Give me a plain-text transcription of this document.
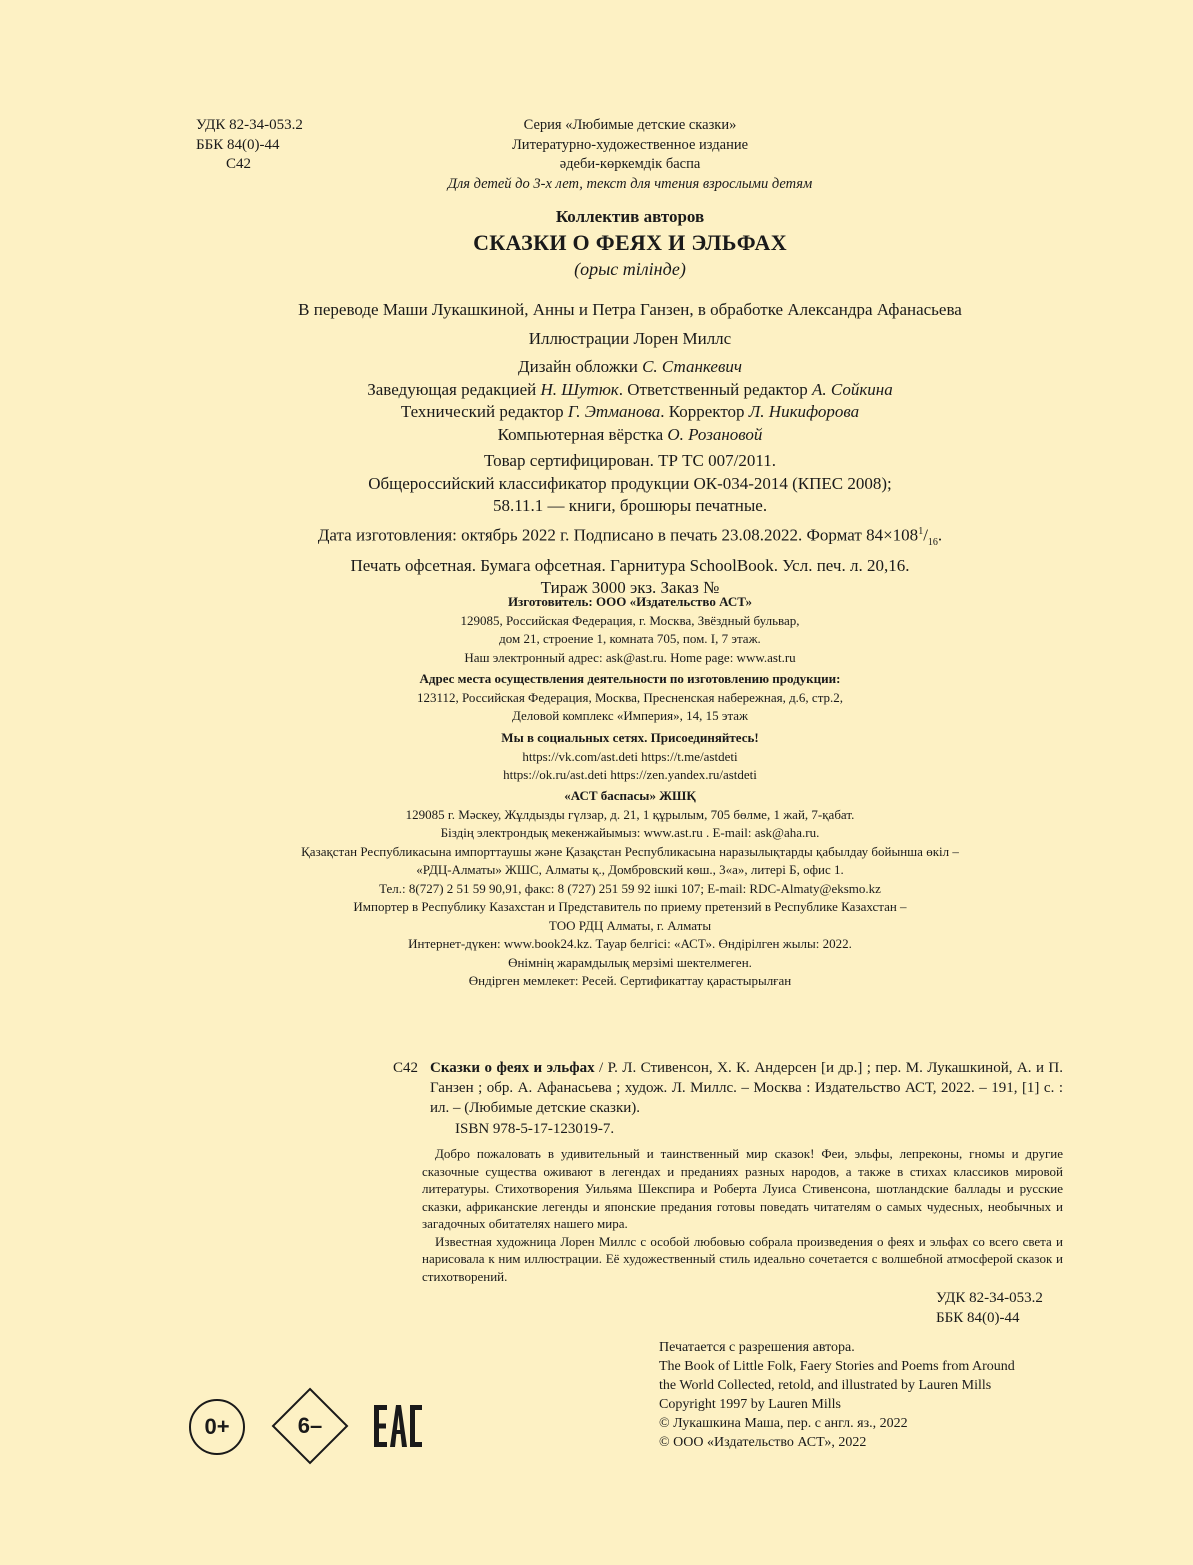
УДК 82-34-053.2
ББК 84(0)-44
С42
Серия «Любимые детские сказки»
Литературно-художественное издание
әдеби-көркемдік баспа
Для детей до 3-х лет, текст для чтения взрослыми детям
Коллектив авторов
СКАЗКИ О ФЕЯХ И ЭЛЬФАХ
(орыс тілінде)
В переводе Маши Лукашкиной, Анны и Петра Ганзен, в обработке Александра Афанасьева
Иллюстрации Лорен Миллс
Дизайн обложки С. Станкевич
Заведующая редакцией Н. Шутюк. Ответственный редактор А. Сойкина
Технический редактор Г. Этманова. Корректор Л. Никифорова
Компьютерная вёрстка О. Розановой
Товар сертифицирован. ТР ТС 007/2011.
Общероссийский классификатор продукции ОК-034-2014 (КПЕС 2008);
58.11.1 — книги, брошюры печатные.
Дата изготовления: октябрь 2022 г. Подписано в печать 23.08.2022. Формат $84\times 108^1/_{16}$.
Печать офсетная. Бумага офсетная. Гарнитура SchoolBook. Усл. печ. л. 20,16.
Тираж 3000 экз. Заказ №
Изготовитель: ООО «Издательство АСТ»
129085, Российская Федерация, г. Москва, Звёздный бульвар,
дом 21, строение 1, комната 705, пом. I, 7 этаж.
Наш электронный адрес: ask@ast.ru. Home page: www.ast.ru
Адрес места осуществления деятельности по изготовлению продукции:
123112, Российская Федерация, Москва, Пресненская набережная, д.6, стр.2,
Деловой комплекс «Империя», 14, 15 этаж
Мы в социальных сетях. Присоединяйтесь!
https://vk.com/ast.deti https://t.me/astdeti
https://ok.ru/ast.deti https://zen.yandex.ru/astdeti
«АСТ баспасы» ЖШҚ
129085 г. Мәскеу, Жұлдызды гүлзар, д. 21, 1 құрылым, 705 бөлме, 1 жай, 7-қабат.
Біздің электрондық мекенжайымыз: www.ast.ru . E-mail: ask@aha.ru.
Қазақстан Республикасына импорттаушы және Қазақстан Республикасына наразылықтарды қабылдау бойынша өкіл –
«РДЦ-Алматы» ЖШС, Алматы қ., Домбровский көш., 3«а», литері Б, офис 1.
Тел.: 8(727) 2 51 59 90,91, факс: 8 (727) 251 59 92 ішкі 107; E-mail: RDC-Almaty@eksmo.kz
Импортер в Республику Казахстан и Представитель по приему претензий в Республике Казахстан –
ТОО РДЦ Алматы, г. Алматы
Интернет-дүкен: www.book24.kz. Тауар белгісі: «АСТ». Өндірілген жылы: 2022.
Өнімнің жарамдылық мерзімі шектелмеген.
Өндірген мемлекет: Ресей. Сертификаттау қарастырылған
С42 Сказки о феях и эльфах / Р. Л. Стивенсон, Х. К. Андерсен [и др.] ; пер. М. Лукашкиной, А. и П. Ганзен ; обр. А. Афанасьева ; худож. Л. Миллс. – Москва : Издательство АСТ, 2022. – 191, [1] с. : ил. – (Любимые детские сказки).
ISBN 978-5-17-123019-7.

Добро пожаловать в удивительный и таинственный мир сказок! Феи, эльфы, лепреконы, гномы и другие сказочные существа оживают в легендах и преданиях разных народов, а также в стихах классиков мировой литературы. Стихотворения Уильяма Шекспира и Роберта Луиса Стивенсона, шотландские баллады и русские сказки, африканские легенды и японские предания готовы поведать читателям о самых чудесных, необычных и загадочных обитателях нашего мира.

Известная художница Лорен Миллс с особой любовью собрала произведения о феях и эльфах со всего света и нарисовала к ним иллюстрации. Её художественный стиль идеально сочетается с волшебной атмосферой сказок и стихотворений.

УДК 82-34-053.2
ББК 84(0)-44
Печатается с разрешения автора.
The Book of Little Folk, Faery Stories and Poems from Around
the World Collected, retold, and illustrated by Lauren Mills
Copyright 1997 by Lauren Mills
© Лукашкина Маша, пер. с англ. яз., 2022
© ООО «Издательство АСТ», 2022
0+	6–
